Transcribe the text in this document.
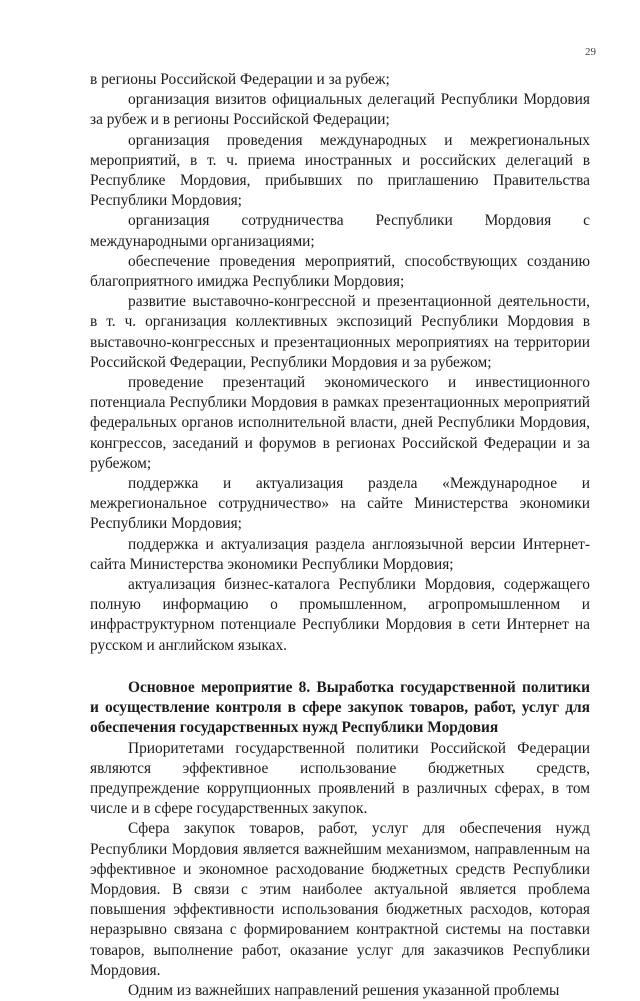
29

в регионы Российской Федерации и за рубеж;

организация визитов официальных делегаций Республики Мордовия за рубеж и в регионы Российской Федерации;

организация проведения международных и межрегиональных мероприятий, в т. ч. приема иностранных и российских делегаций в Республике Мордовия, прибывших по приглашению Правительства Республики Мордовия;

организация сотрудничества Республики Мордовия с международными организациями;

обеспечение проведения мероприятий, способствующих созданию благоприятного имиджа Республики Мордовия;

развитие выставочно-конгрессной и презентационной деятельности, в т. ч. организация коллективных экспозиций Республики Мордовия в выставочно-конгрессных и презентационных мероприятиях на территории Российской Федерации, Республики Мордовия и за рубежом;

проведение презентаций экономического и инвестиционного потенциала Республики Мордовия в рамках презентационных мероприятий федеральных органов исполнительной власти, дней Республики Мордовия, конгрессов, заседаний и форумов в регионах Российской Федерации и за рубежом;

поддержка и актуализация раздела «Международное и межрегиональное сотрудничество» на сайте Министерства экономики Республики Мордовия;

поддержка и актуализация раздела англоязычной версии Интернет-сайта Министерства экономики Республики Мордовия;

актуализация бизнес-каталога Республики Мордовия, содержащего полную информацию о промышленном, агропромышленном и инфраструктурном потенциале Республики Мордовия в сети Интернет на русском и английском языках.

Основное мероприятие 8. Выработка государственной политики и осуществление контроля в сфере закупок товаров, работ, услуг для обеспечения государственных нужд Республики Мордовия

Приоритетами государственной политики Российской Федерации являются эффективное использование бюджетных средств, предупреждение коррупционных проявлений в различных сферах, в том числе и в сфере государственных закупок.

Сфера закупок товаров, работ, услуг для обеспечения нужд Республики Мордовия является важнейшим механизмом, направленным на эффективное и экономное расходование бюджетных средств Республики Мордовия. В связи с этим наиболее актуальной является проблема повышения эффективности использования бюджетных расходов, которая неразрывно связана с формированием контрактной системы на поставки товаров, выполнение работ, оказание услуг для заказчиков Республики Мордовия.

Одним из важнейших направлений решения указанной проблемы
